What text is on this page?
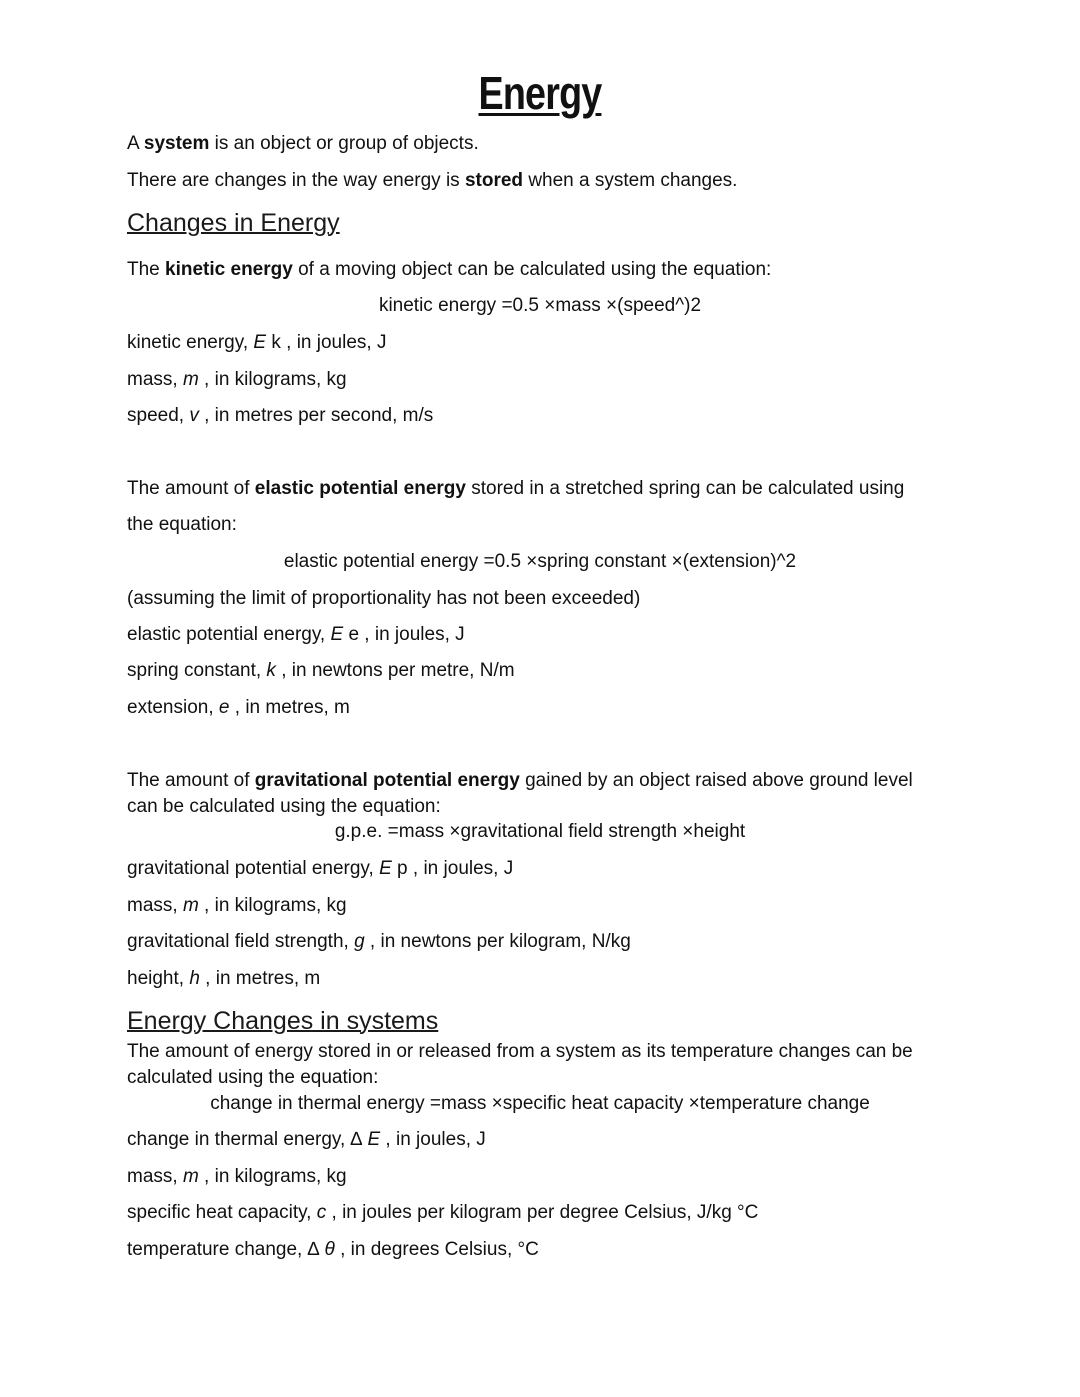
Energy
A system is an object or group of objects.
There are changes in the way energy is stored when a system changes.
Changes in Energy
The kinetic energy of a moving object can be calculated using the equation:
kinetic energy =0.5 ×mass ×(speed^)2
kinetic energy, E k , in joules, J
mass, m , in kilograms, kg
speed, v , in metres per second, m/s
The amount of elastic potential energy stored in a stretched spring can be calculated using
the equation:
elastic potential energy =0.5 ×spring constant ×(extension)^2
(assuming the limit of proportionality has not been exceeded)
elastic potential energy, E e , in joules, J
spring constant, k , in newtons per metre, N/m
extension, e , in metres, m
The amount of gravitational potential energy gained by an object raised above ground level
can be calculated using the equation:
g.p.e. =mass ×gravitational field strength ×height
gravitational potential energy, E p , in joules, J
mass, m , in kilograms, kg
gravitational field strength, g , in newtons per kilogram, N/kg
height, h , in metres, m
Energy Changes in systems
The amount of energy stored in or released from a system as its temperature changes can be
calculated using the equation:
change in thermal energy =mass ×specific heat capacity ×temperature change
change in thermal energy, ∆ E , in joules, J
mass, m , in kilograms, kg
specific heat capacity, c , in joules per kilogram per degree Celsius, J/kg °C
temperature change, ∆ θ , in degrees Celsius, °C
